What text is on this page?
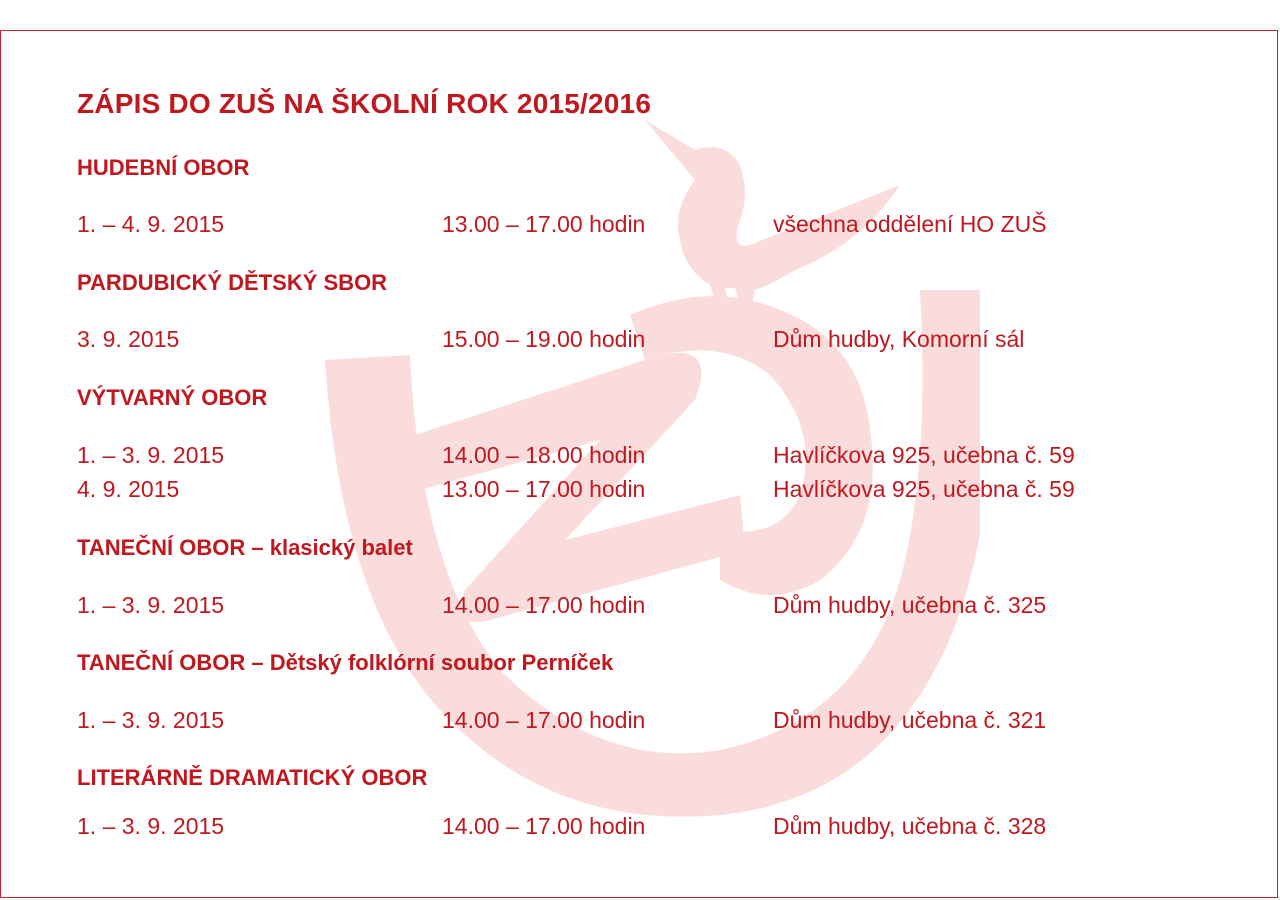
ZÁPIS DO ZUŠ NA ŠKOLNÍ ROK 2015/2016
HUDEBNÍ OBOR
1. – 4. 9. 2015	13.00 – 17.00 hodin	všechna oddělení HO ZUŠ
PARDUBICKÝ DĚTSKÝ SBOR
3. 9. 2015	15.00 – 19.00 hodin	Dům hudby, Komorní sál
VÝTVARNÝ OBOR
1. – 3. 9. 2015	14.00 – 18.00 hodin	Havlíčkova 925, učebna č. 59
4. 9. 2015	13.00 – 17.00 hodin	Havlíčkova 925, učebna č. 59
TANEČNÍ OBOR – klasický balet
1. – 3. 9. 2015	14.00 – 17.00 hodin	Dům hudby, učebna č. 325
TANEČNÍ OBOR – Dětský folklórní soubor Perníček
1. – 3. 9. 2015	14.00 – 17.00 hodin	Dům hudby, učebna č. 321
LITERÁRNĚ DRAMATICKÝ OBOR
1. – 3. 9. 2015	14.00 – 17.00 hodin	Dům hudby, učebna č. 328
